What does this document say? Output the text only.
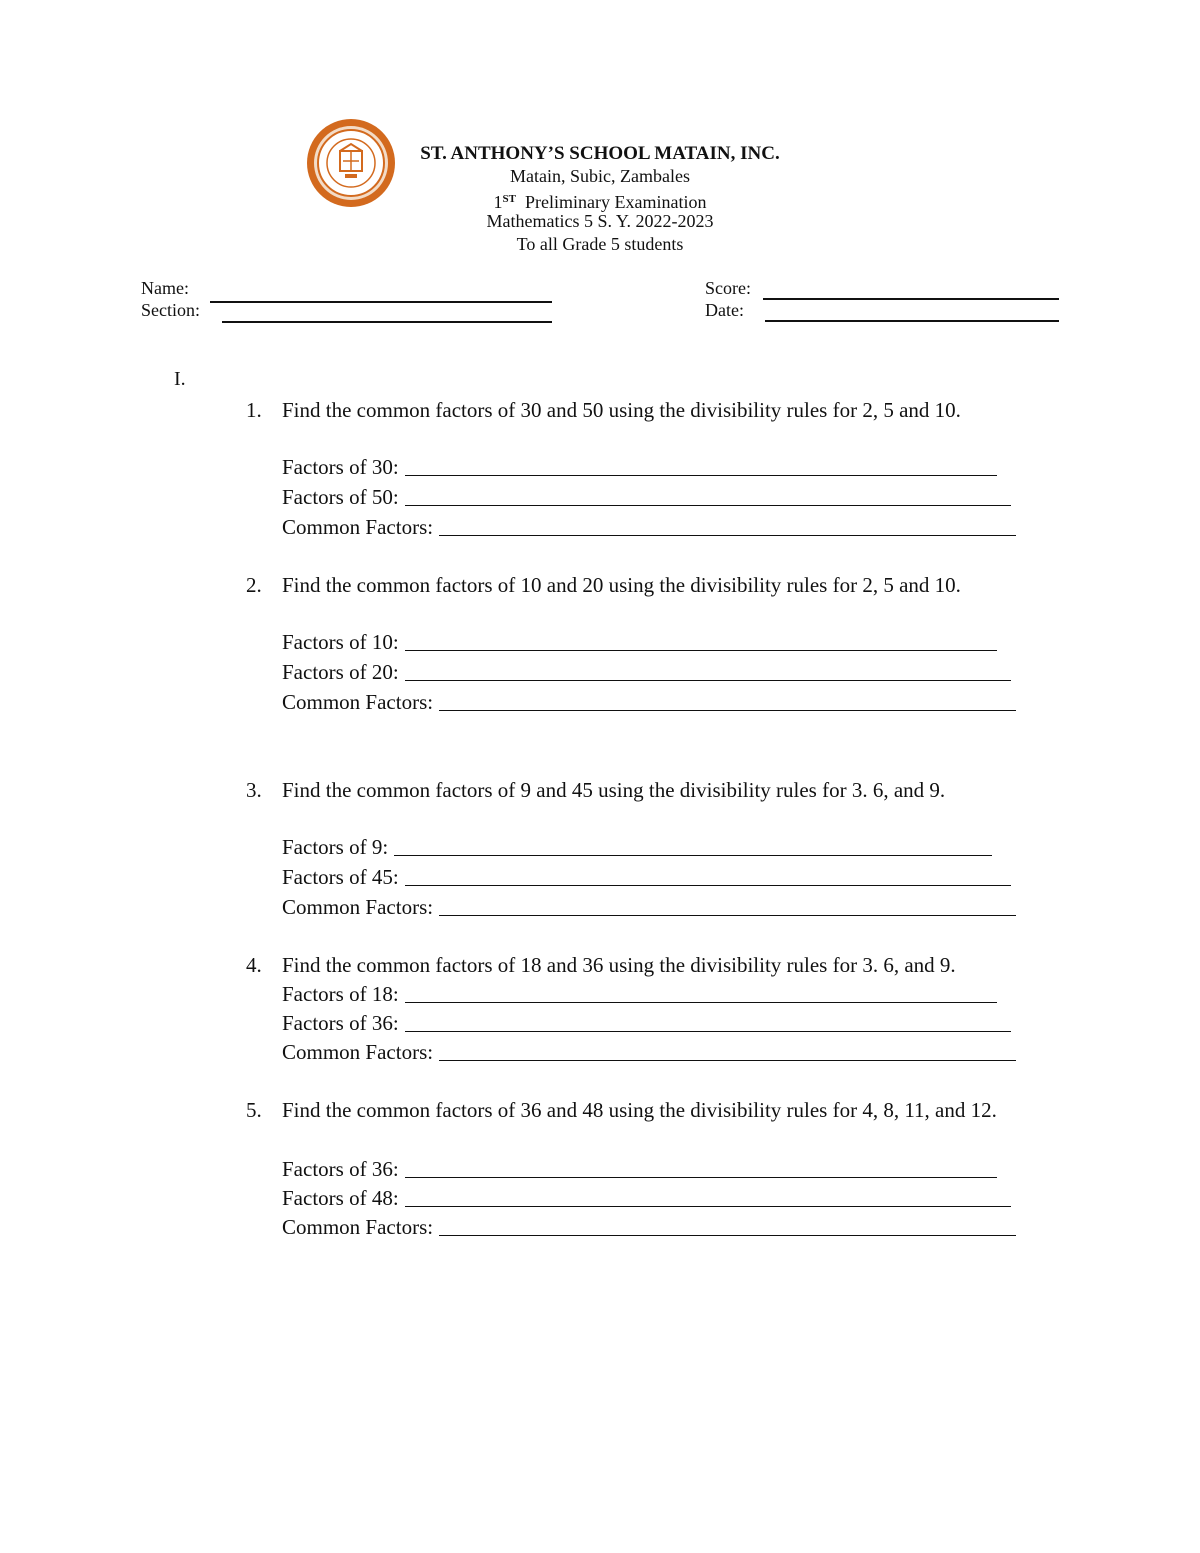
ST. ANTHONY’S SCHOOL MATAIN, INC.
Matain, Subic, Zambales
1ST Preliminary Examination
Mathematics 5 S. Y. 2022-2023
To all Grade 5 students
Name:
Section:
Score:
Date:
I.
1. Find the common factors of 30 and 50 using the divisibility rules for 2, 5 and 10.
Factors of 30:
Factors of 50:
Common Factors:
2. Find the common factors of 10 and 20 using the divisibility rules for 2, 5 and 10.
Factors of 10:
Factors of 20:
Common Factors:
3. Find the common factors of 9 and 45 using the divisibility rules for 3. 6, and 9.
Factors of 9:
Factors of 45:
Common Factors:
4. Find the common factors of 18 and 36 using the divisibility rules for 3. 6, and 9.
Factors of 18:
Factors of 36:
Common Factors:
5. Find the common factors of 36 and 48 using the divisibility rules for 4, 8, 11, and 12.
Factors of 36:
Factors of 48:
Common Factors:
